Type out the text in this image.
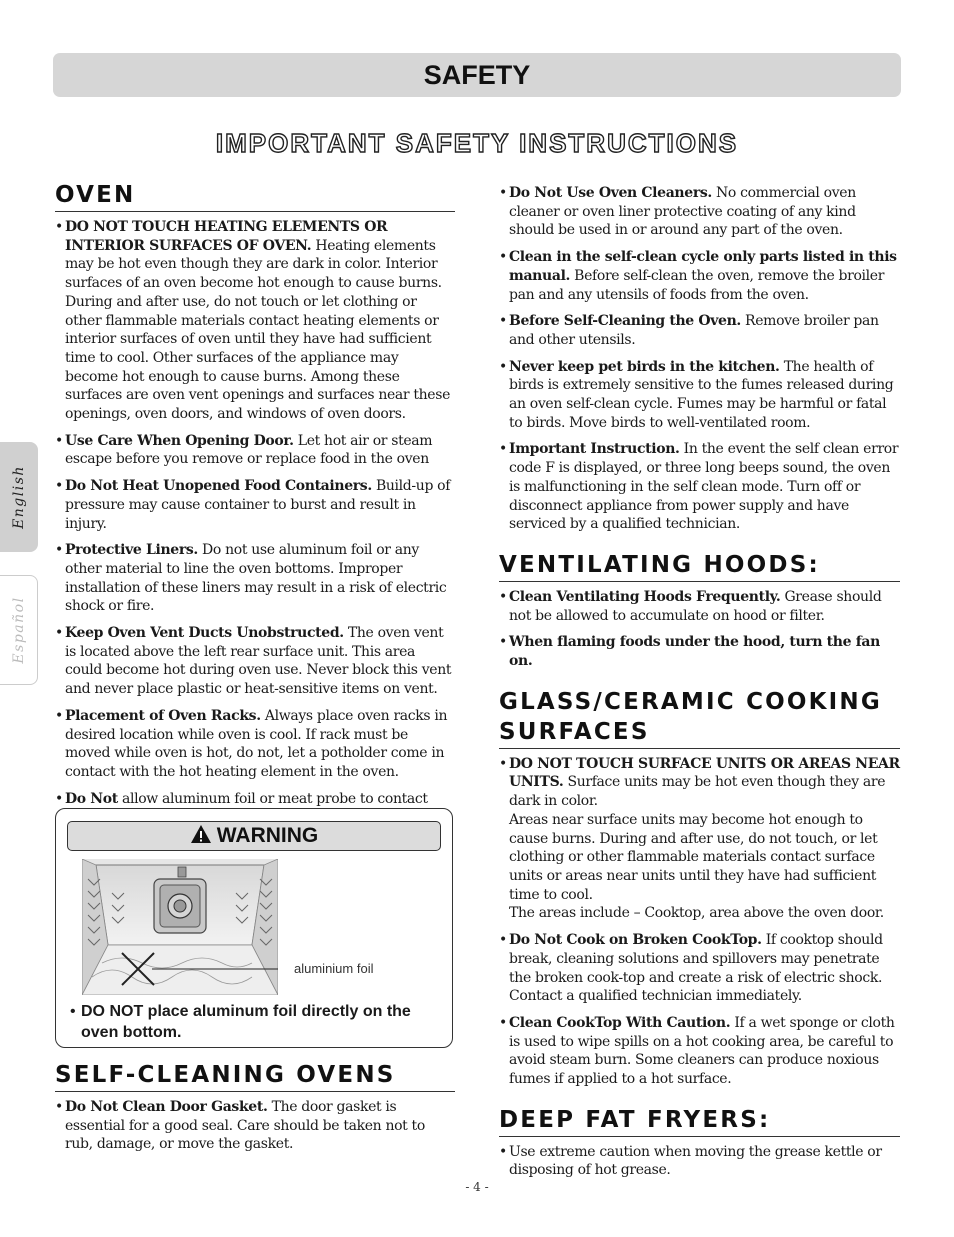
SAFETY
IMPORTANT SAFETY INSTRUCTIONS
English
Español
OVEN
• DO NOT TOUCH HEATING ELEMENTS OR INTERIOR SURFACES OF OVEN. Heating elements may be hot even though they are dark in color. Interior surfaces of an oven become hot enough to cause burns. During and after use, do not touch or let clothing or other flammable materials contact heating elements or interior surfaces of oven until they have had sufficient time to cool. Other surfaces of the appliance may become hot enough to cause burns. Among these surfaces are oven vent openings and surfaces near these openings, oven doors, and windows of oven doors.
• Use Care When Opening Door. Let hot air or steam escape before you remove or replace food in the oven
• Do Not Heat Unopened Food Containers. Build-up of pressure may cause container to burst and result in injury.
• Protective Liners. Do not use aluminum foil or any other material to line the oven bottoms. Improper installation of these liners may result in a risk of electric shock or fire.
• Keep Oven Vent Ducts Unobstructed. The oven vent is located above the left rear surface unit. This area could become hot during oven use. Never block this vent and never place plastic or heat-sensitive items on vent.
• Placement of Oven Racks. Always place oven racks in desired location while oven is cool. If rack must be moved while oven is hot, do not, let a potholder come in contact with the hot heating element in the oven.
• Do Not allow aluminum foil or meat probe to contact
WARNING
aluminium foil
• DO NOT place aluminum foil directly on the oven bottom.
SELF-CLEANING OVENS
• Do Not Clean Door Gasket. The door gasket is essential for a good seal. Care should be taken not to rub, damage, or move the gasket.
• Do Not Use Oven Cleaners. No commercial oven cleaner or oven liner protective coating of any kind should be used in or around any part of the oven.
• Clean in the self-clean cycle only parts listed in this manual. Before self-clean the oven, remove the broiler pan and any utensils of foods from the oven.
• Before Self-Cleaning the Oven. Remove broiler pan and other utensils.
• Never keep pet birds in the kitchen. The health of birds is extremely sensitive to the fumes released during an oven self-clean cycle. Fumes may be harmful or fatal to birds. Move birds to well-ventilated room.
• Important Instruction. In the event the self clean error code F is displayed, or three long beeps sound, the oven is malfunctioning in the self clean mode. Turn off or disconnect appliance from power supply and have serviced by a qualified technician.
VENTILATING HOODS:
• Clean Ventilating Hoods Frequently. Grease should not be allowed to accumulate on hood or filter.
• When flaming foods under the hood, turn the fan on.
GLASS/CERAMIC COOKING SURFACES
• DO NOT TOUCH SURFACE UNITS OR AREAS NEAR UNITS. Surface units may be hot even though they are dark in color.
Areas near surface units may become hot enough to cause burns. During and after use, do not touch, or let clothing or other flammable materials contact surface units or areas near units until they have had sufficient time to cool.
The areas include – Cooktop, area above the oven door.
• Do Not Cook on Broken CookTop. If cooktop should break, cleaning solutions and spillovers may penetrate the broken cook-top and create a risk of electric shock. Contact a qualified technician immediately.
• Clean CookTop With Caution. If a wet sponge or cloth is used to wipe spills on a hot cooking area, be careful to avoid steam burn. Some cleaners can produce noxious fumes if applied to a hot surface.
DEEP FAT FRYERS:
• Use extreme caution when moving the grease kettle or disposing of hot grease.
- 4 -
